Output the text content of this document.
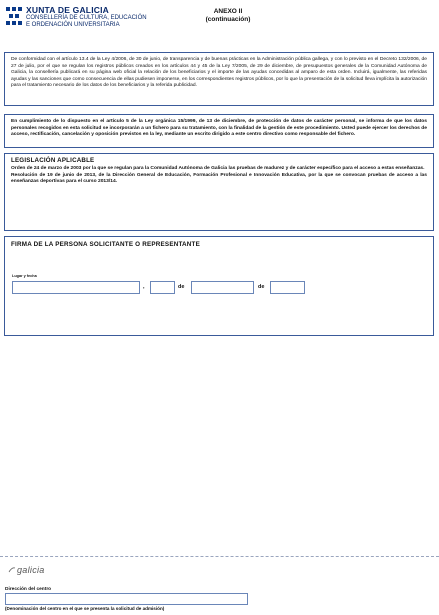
XUNTA DE GALICIA
CONSELLERÍA DE CULTURA, EDUCACIÓN
E ORDENACIÓN UNIVERSITARIA
ANEXO II
(continuación)

De conformidad con el artículo 13.4 de la Ley 4/2006, de 30 de junio, de transparencia y de buenas prácticas en la Administración pública gallega, y con lo previsto en el Decreto 132/2006, de 27 de julio, por el que se regulan los registros públicos creados en los artículos 44 y 45 de la Ley 7/2005, de 29 de diciembre, de presupuestos generales de la Comunidad Autónoma de Galicia, la consellería publicará en su página web oficial la relación de los beneficiarios y el importe de las ayudas concedidas al amparo de esta orden. Incluirá, igualmente, las referidas ayudas y las sanciones que como consecuencia de ellas pudiesen imponerse, en los correspondientes registros públicos, por lo que la presentación de la solicitud lleva implícita la autorización para el tratamiento necesario de los datos de los beneficiarios y la referida publicidad.

En cumplimiento de lo dispuesto en el artículo 5 de la Ley orgánica 15/1999, de 13 de diciembre, de protección de datos de carácter personal, se informa de que los datos personales recogidos en esta solicitud se incorporarán a un fichero para su tratamiento, con la finalidad de la gestión de este procedimiento. Usted puede ejercer los derechos de acceso, rectificación, cancelación y oposición previstos en la ley, mediante un escrito dirigido a este centro directivo como responsable del fichero.

LEGISLACIÓN APLICABLE

Orden de 24 de marzo de 2003 por la que se regulan para la Comunidad Autónoma de Galicia las pruebas de madurez y de carácter específico para el acceso a estas enseñanzas.

Resolución de 19 de junio de 2013, de la Dirección General de Educación, Formación Profesional e Innovación Educativa, por la que se convocan pruebas de acceso a las enseñanzas deportivas para el curso 2013/14.

FIRMA DE LA PERSONA SOLICITANTE O REPRESENTANTE
Lugar y fecha
,	de	de
galicia
Dirección del centro
(Denominación del centro en el que se presenta la solicitud de admisión)
